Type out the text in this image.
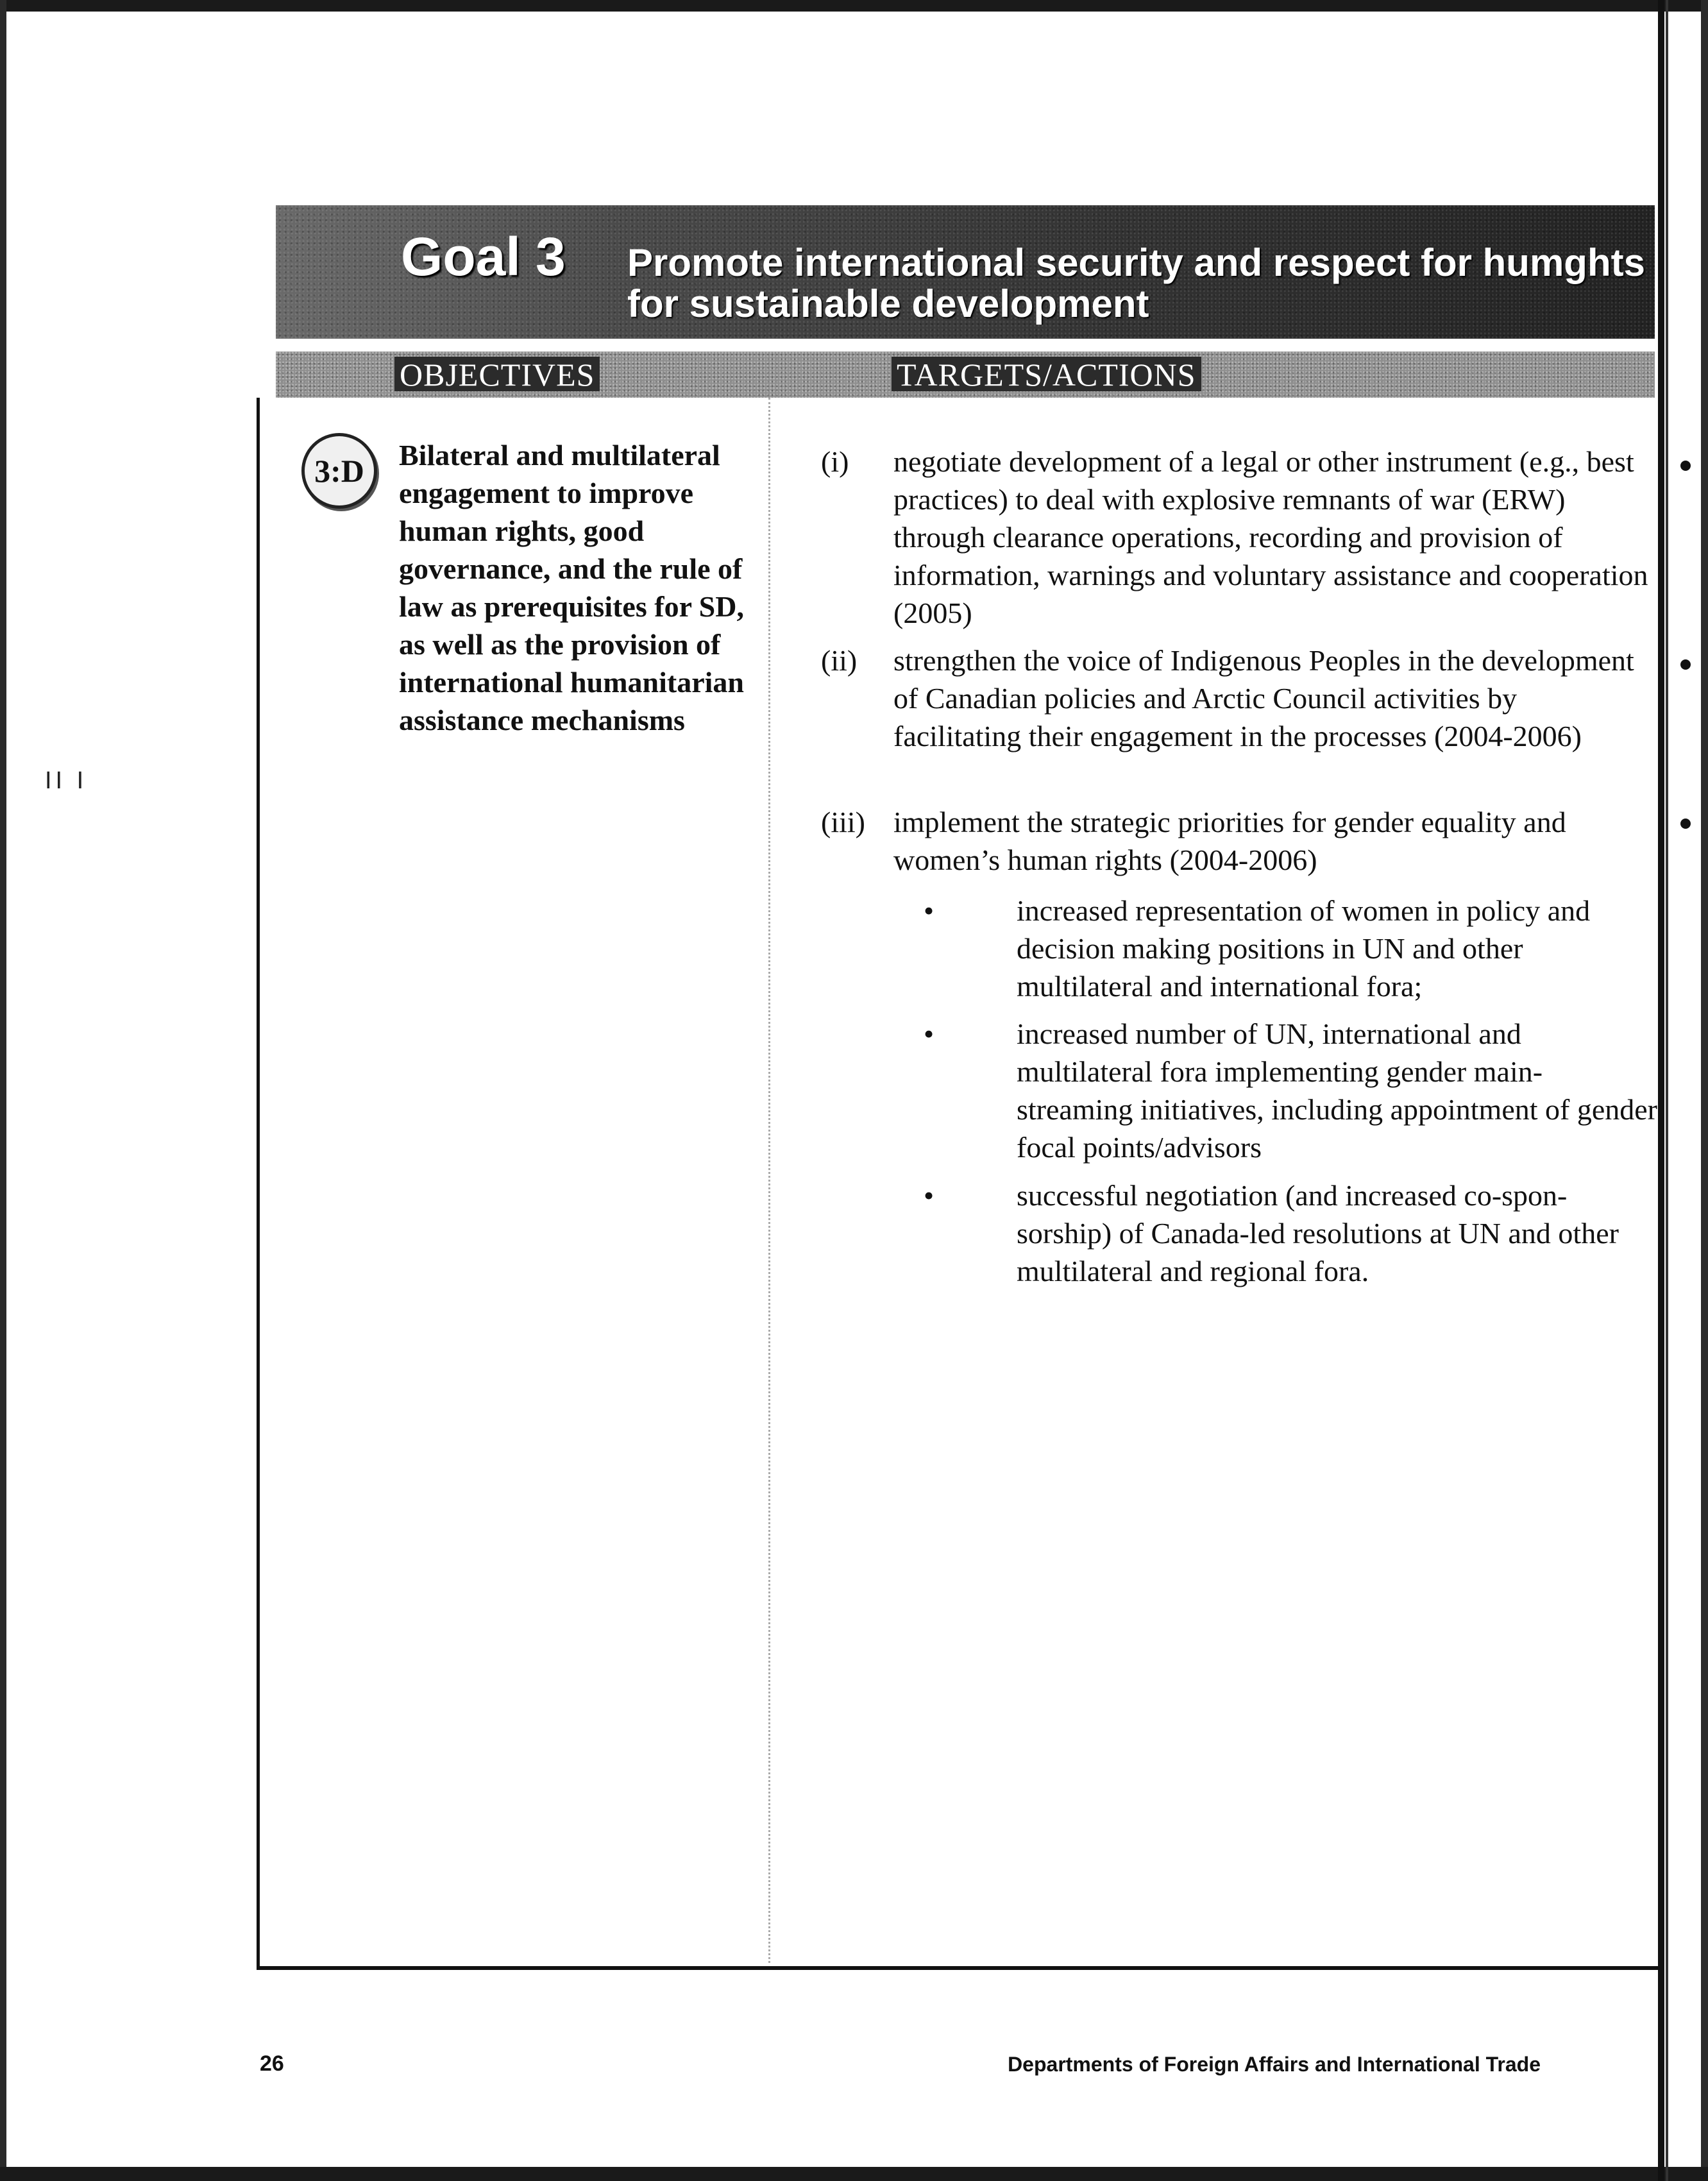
II I
Goal 3 Promote international security and respect for humghts
for sustainable development
OBJECTIVES	TARGETS/ACTIONS
3:D	Bilateral and multilateral engagement to improve human rights, good governance, and the rule of law as prerequisites for SD, as well as the provision of international humanitarian assistance mechanisms
(i)	negotiate development of a legal or other instrument (e.g., best practices) to deal with explosive remnants of war (ERW) through clearance operations, recording and provision of information, warnings and voluntary assistance and cooperation (2005)
(ii)	strengthen the voice of Indigenous Peoples in the development of Canadian policies and Arctic Council activities by facilitating their engagement in the processes (2004-2006)
(iii) implement the strategic priorities for gender equality and women’s human rights (2004-2006)
•	increased representation of women in policy and decision making positions in UN and other multilateral and international fora;
•	increased number of UN, international and multilateral fora implementing gender main-streaming initiatives, including appointment of gender focal points/advisors
•	successful negotiation (and increased co-spon-sorship) of Canada-led resolutions at UN and other multilateral and regional fora.
26	Departments of Foreign Affairs and International Trade
